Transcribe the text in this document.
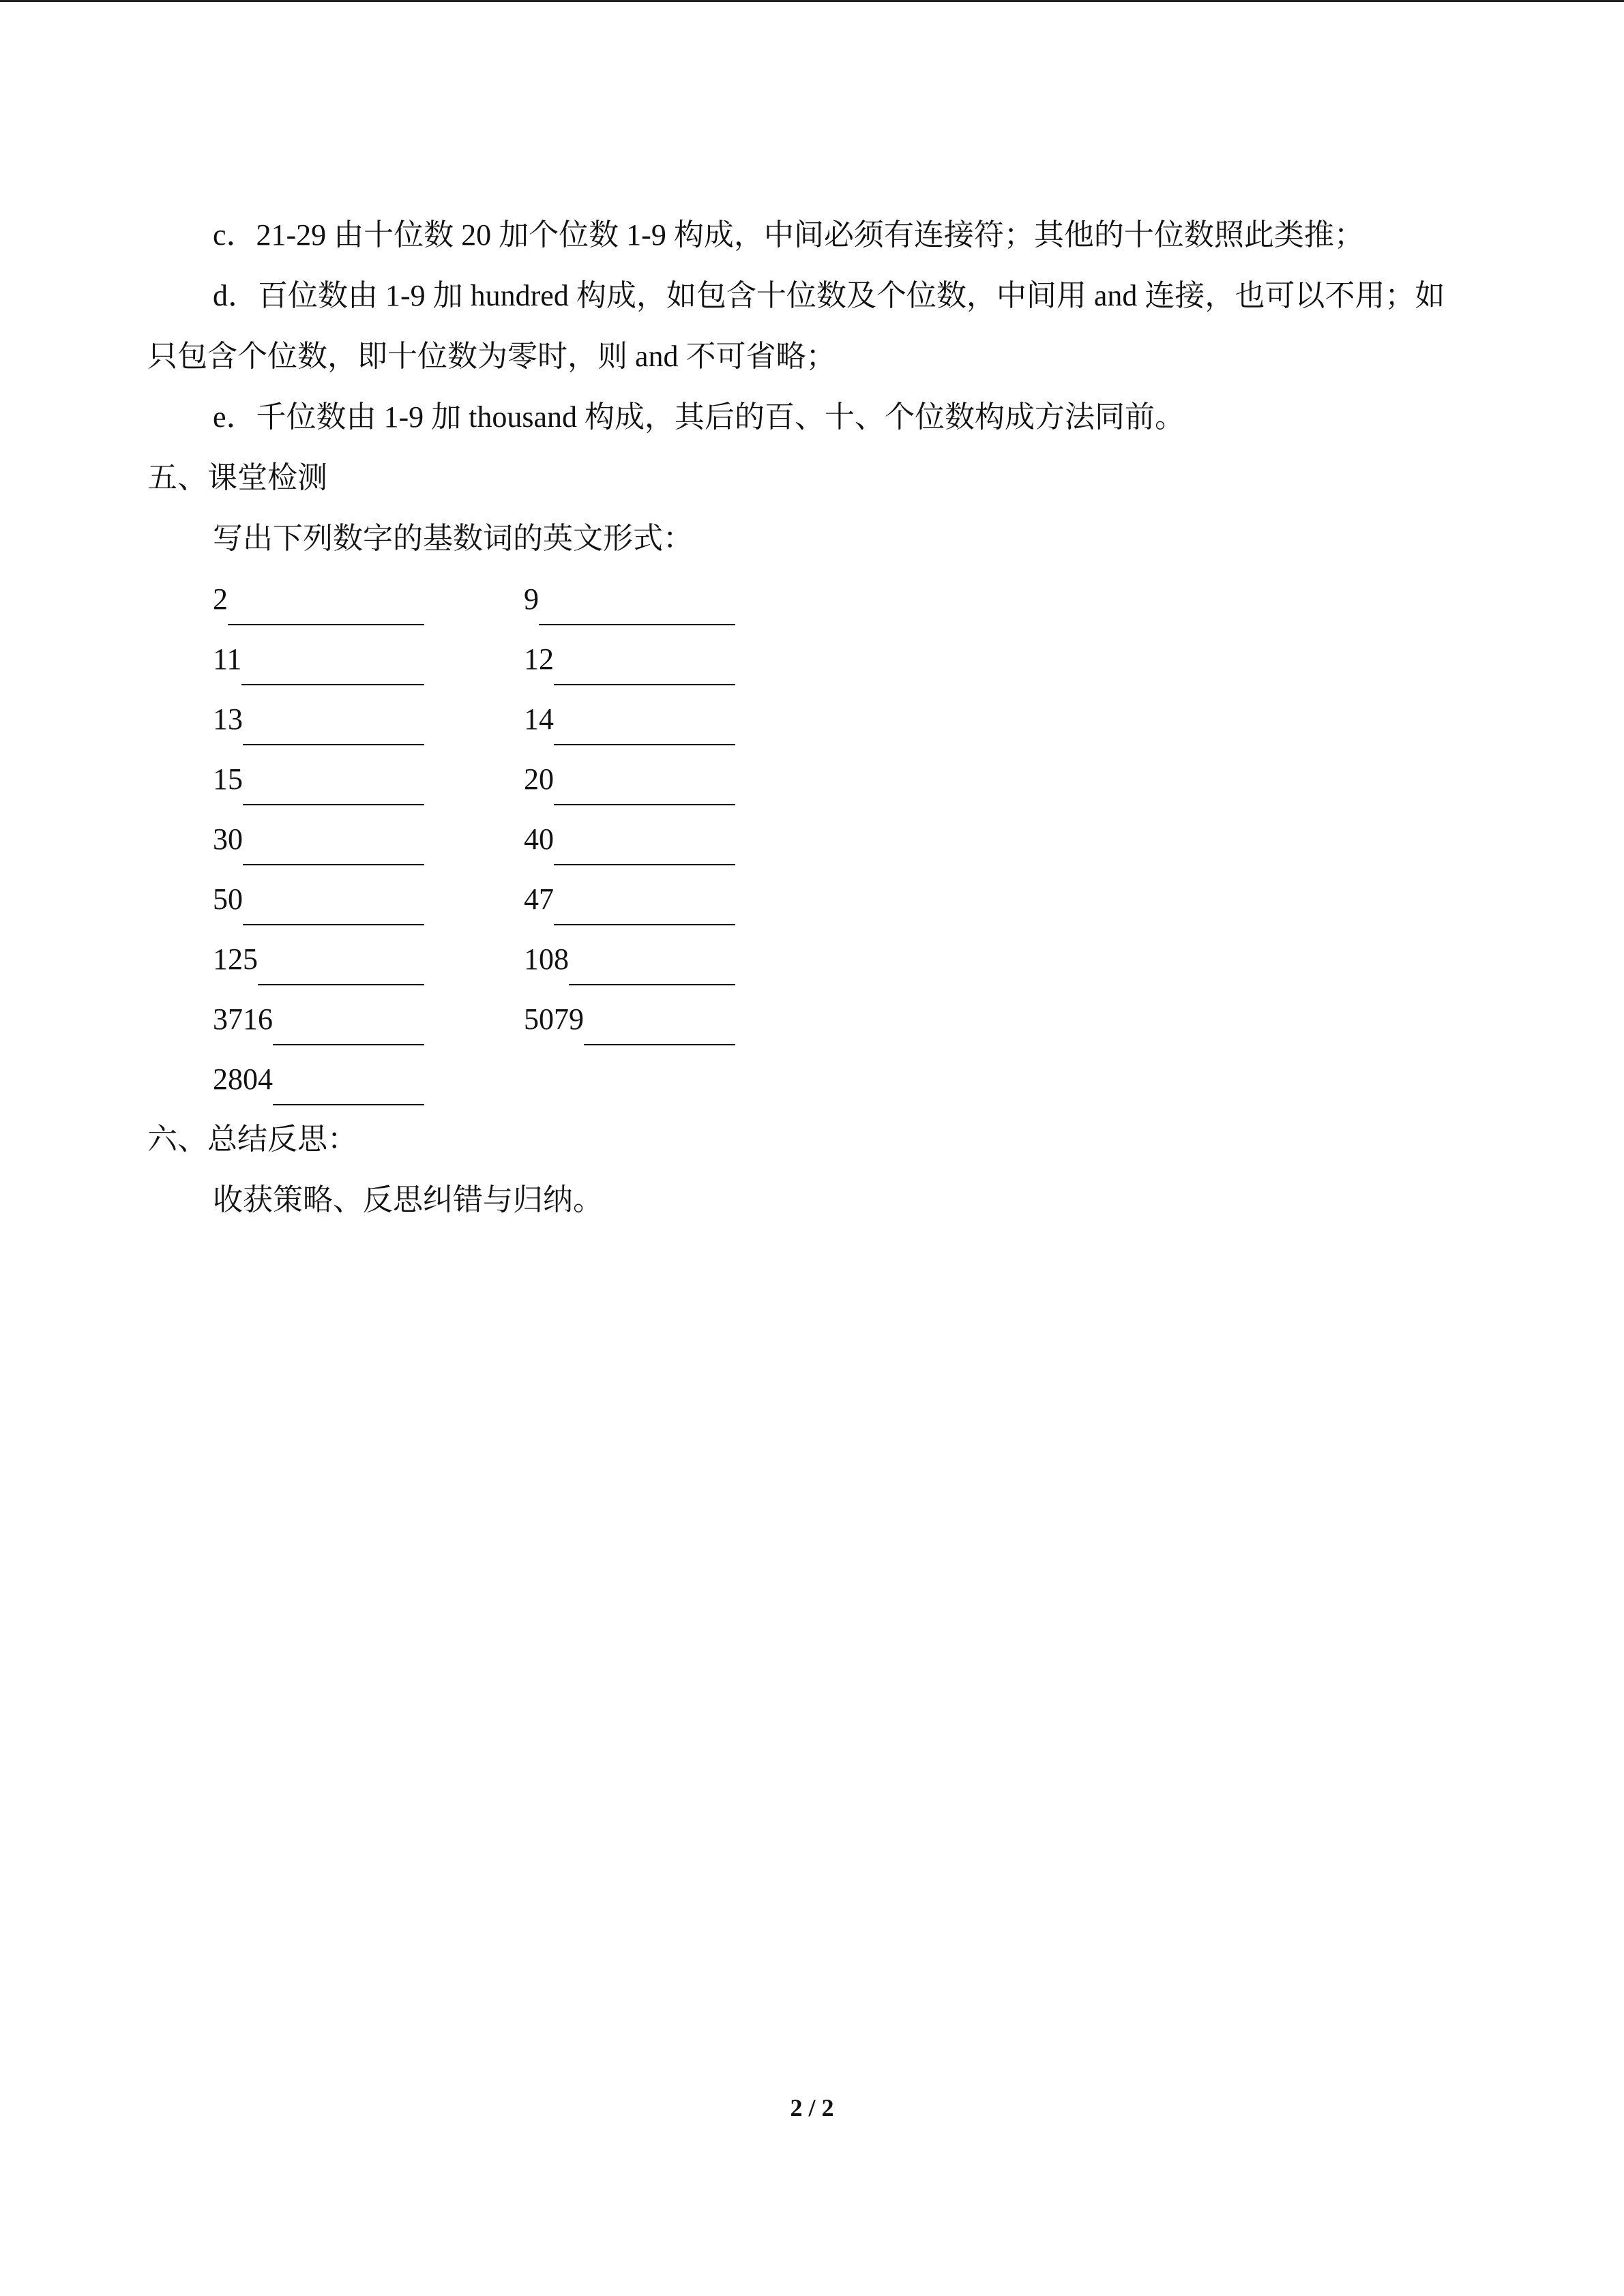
c．21-29 由十位数 20 加个位数 1-9 构成，中间必须有连接符；其他的十位数照此类推；

d．百位数由 1-9 加 hundred 构成，如包含十位数及个位数，中间用 and 连接，也可以不用；如只包含个位数，即十位数为零时，则 and 不可省略；

e．千位数由 1-9 加 thousand 构成，其后的百、十、个位数构成方法同前。

五、课堂检测

写出下列数字的基数词的英文形式：

2	9
11	12
13	14
15	20
30	40
50	47
125	108
3716	5079
2804

六、总结反思：

收获策略、反思纠错与归纳。

2 / 2
